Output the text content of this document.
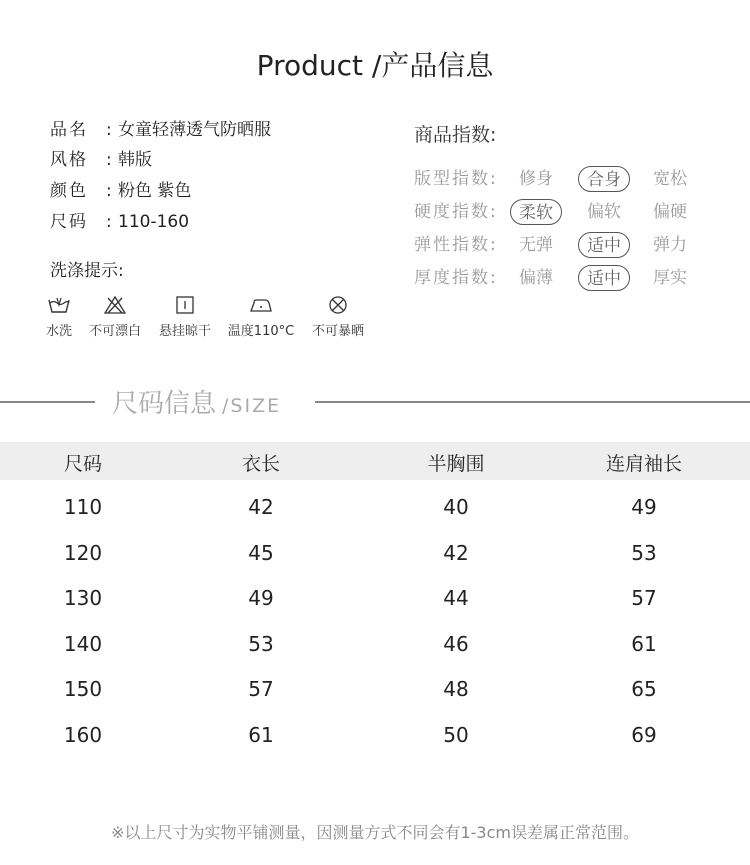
Product /产品信息
品名 : 女童轻薄透气防晒服
风格 : 韩版
颜色 : 粉色 紫色
尺码 : 110-160
洗涤提示:
水洗	不可漂白	悬挂晾干	温度110°C	不可暴晒
商品指数:
版型指数:	修身	合身	宽松
硬度指数:	柔软	偏软	偏硬
弹性指数:	无弹	适中	弹力
厚度指数:	偏薄	适中	厚实
尺码信息 /SIZE
尺码	衣长	半胸围	连肩袖长
110	42	40	49
120	45	42	53
130	49	44	57
140	53	46	61
150	57	48	65
160	61	50	69
※以上尺寸为实物平铺测量，因测量方式不同会有1-3cm误差属正常范围。
